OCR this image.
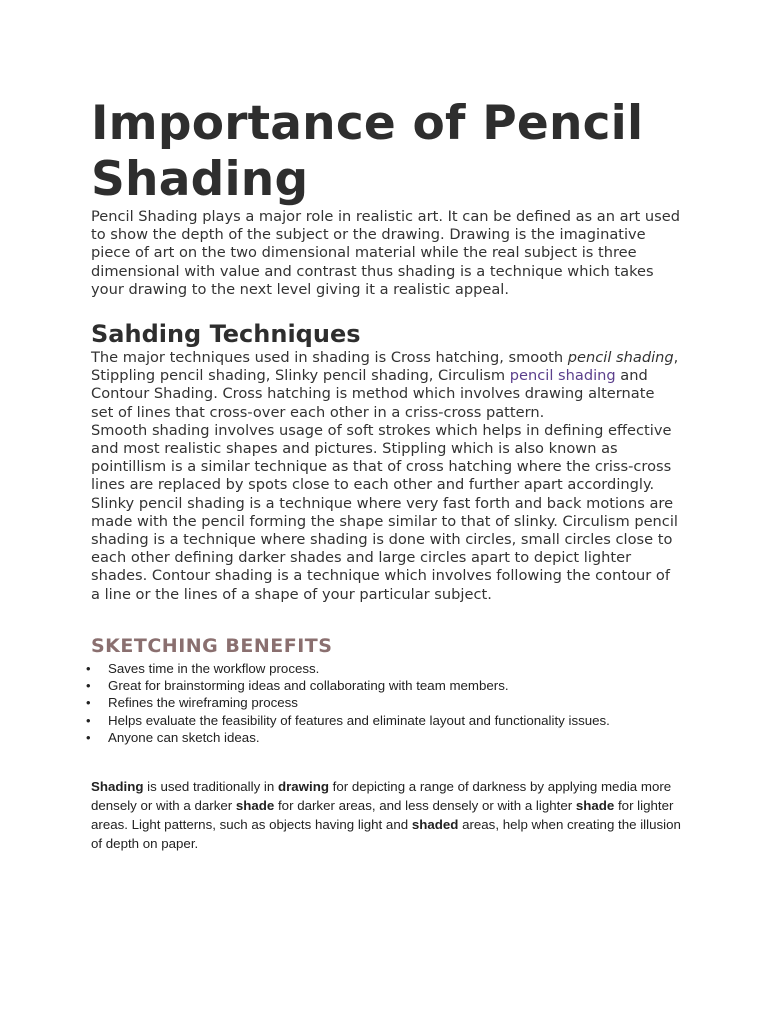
Importance of Pencil Shading

Pencil Shading plays a major role in realistic art. It can be defined as an art used to show the depth of the subject or the drawing. Drawing is the imaginative piece of art on the two dimensional material while the real subject is three dimensional with value and contrast thus shading is a technique which takes your drawing to the next level giving it a realistic appeal.

Sahding Techniques

The major techniques used in shading is Cross hatching, smooth pencil shading, Stippling pencil shading, Slinky pencil shading, Circulism pencil shading and Contour Shading. Cross hatching is method which involves drawing alternate set of lines that cross-over each other in a criss-cross pattern.

Smooth shading involves usage of soft strokes which helps in defining effective and most realistic shapes and pictures. Stippling which is also known as pointillism is a similar technique as that of cross hatching where the criss-cross lines are replaced by spots close to each other and further apart accordingly.

Slinky pencil shading is a technique where very fast forth and back motions are made with the pencil forming the shape similar to that of slinky. Circulism pencil shading is a technique where shading is done with circles, small circles close to each other defining darker shades and large circles apart to depict lighter shades. Contour shading is a technique which involves following the contour of a line or the lines of a shape of your particular subject.

SKETCHING BENEFITS
• Saves time in the workflow process.
• Great for brainstorming ideas and collaborating with team members.
• Refines the wireframing process
• Helps evaluate the feasibility of features and eliminate layout and functionality issues.
• Anyone can sketch ideas.

Shading is used traditionally in drawing for depicting a range of darkness by applying media more densely or with a darker shade for darker areas, and less densely or with a lighter shade for lighter areas. Light patterns, such as objects having light and shaded areas, help when creating the illusion of depth on paper.
